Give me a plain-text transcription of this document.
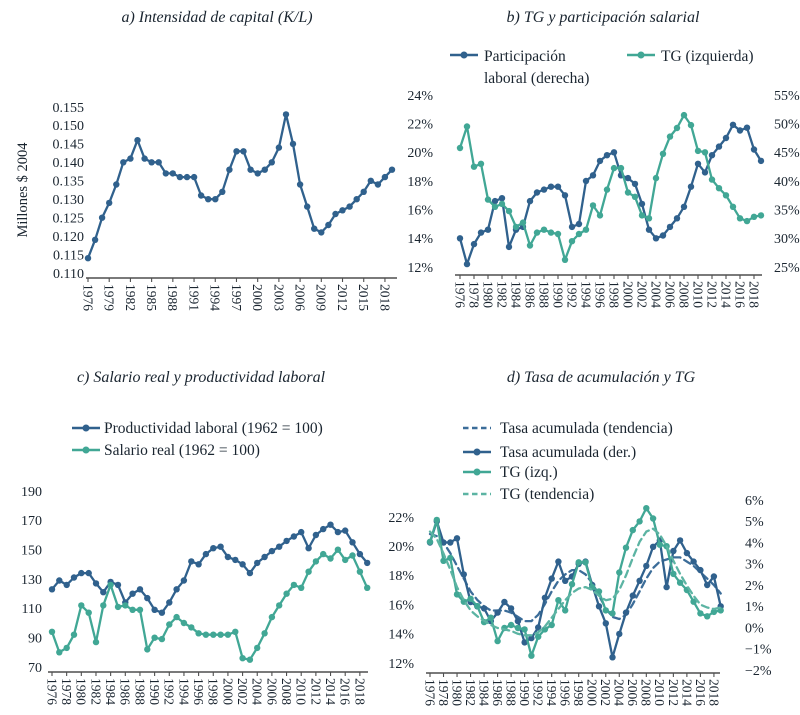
a) Intensidad de capital (K/L)
1976 1979 1982 1985 1988 1991 1994 1997 2000 2003 2006 2009 2012 2015 2018
0.155
0.150
0.145
0.140
0.135
0.130
0.125
0.120
0.115
0.110
Millones $ 2004
b) TG y participación salarial
1976 1978 1980 1982 1984 1986 1988 1990 1992 1994 1996 1998 2000 2002 2004 2006 2008 2010 2012 2014 2016 2018
24%
22%
20%
18%
16%
14%
12%
55%
50%
45%
40%
35%
30%
25%
Participación laboral (derecha)
TG (izquierda)
c) Salario real y productividad laboral
1976 1978 1980 1982 1984 1986 1988 1990 1992 1994 1996 1998 2000 2002 2004 2006 2008 2010 2012 2014 2016 2018
190
170
150
130
110
90
70
Productividad laboral (1962 = 100)
Salario real (1962 = 100)
d) Tasa de acumulación y TG
1976
1978
1980
1982
1984
1986
1988
1990
1992
1994
1996
1998
2000
2002
2004
2006
2008
2010
2012
2014
2016
2018
22%
20%
18%
16%
14%
12%
6%
5%
4%
3%
2%
1%
0%
−1%
−2%
Tasa acumulada (tendencia)
Tasa acumulada (der.)
TG (izq.)
TG (tendencia)
